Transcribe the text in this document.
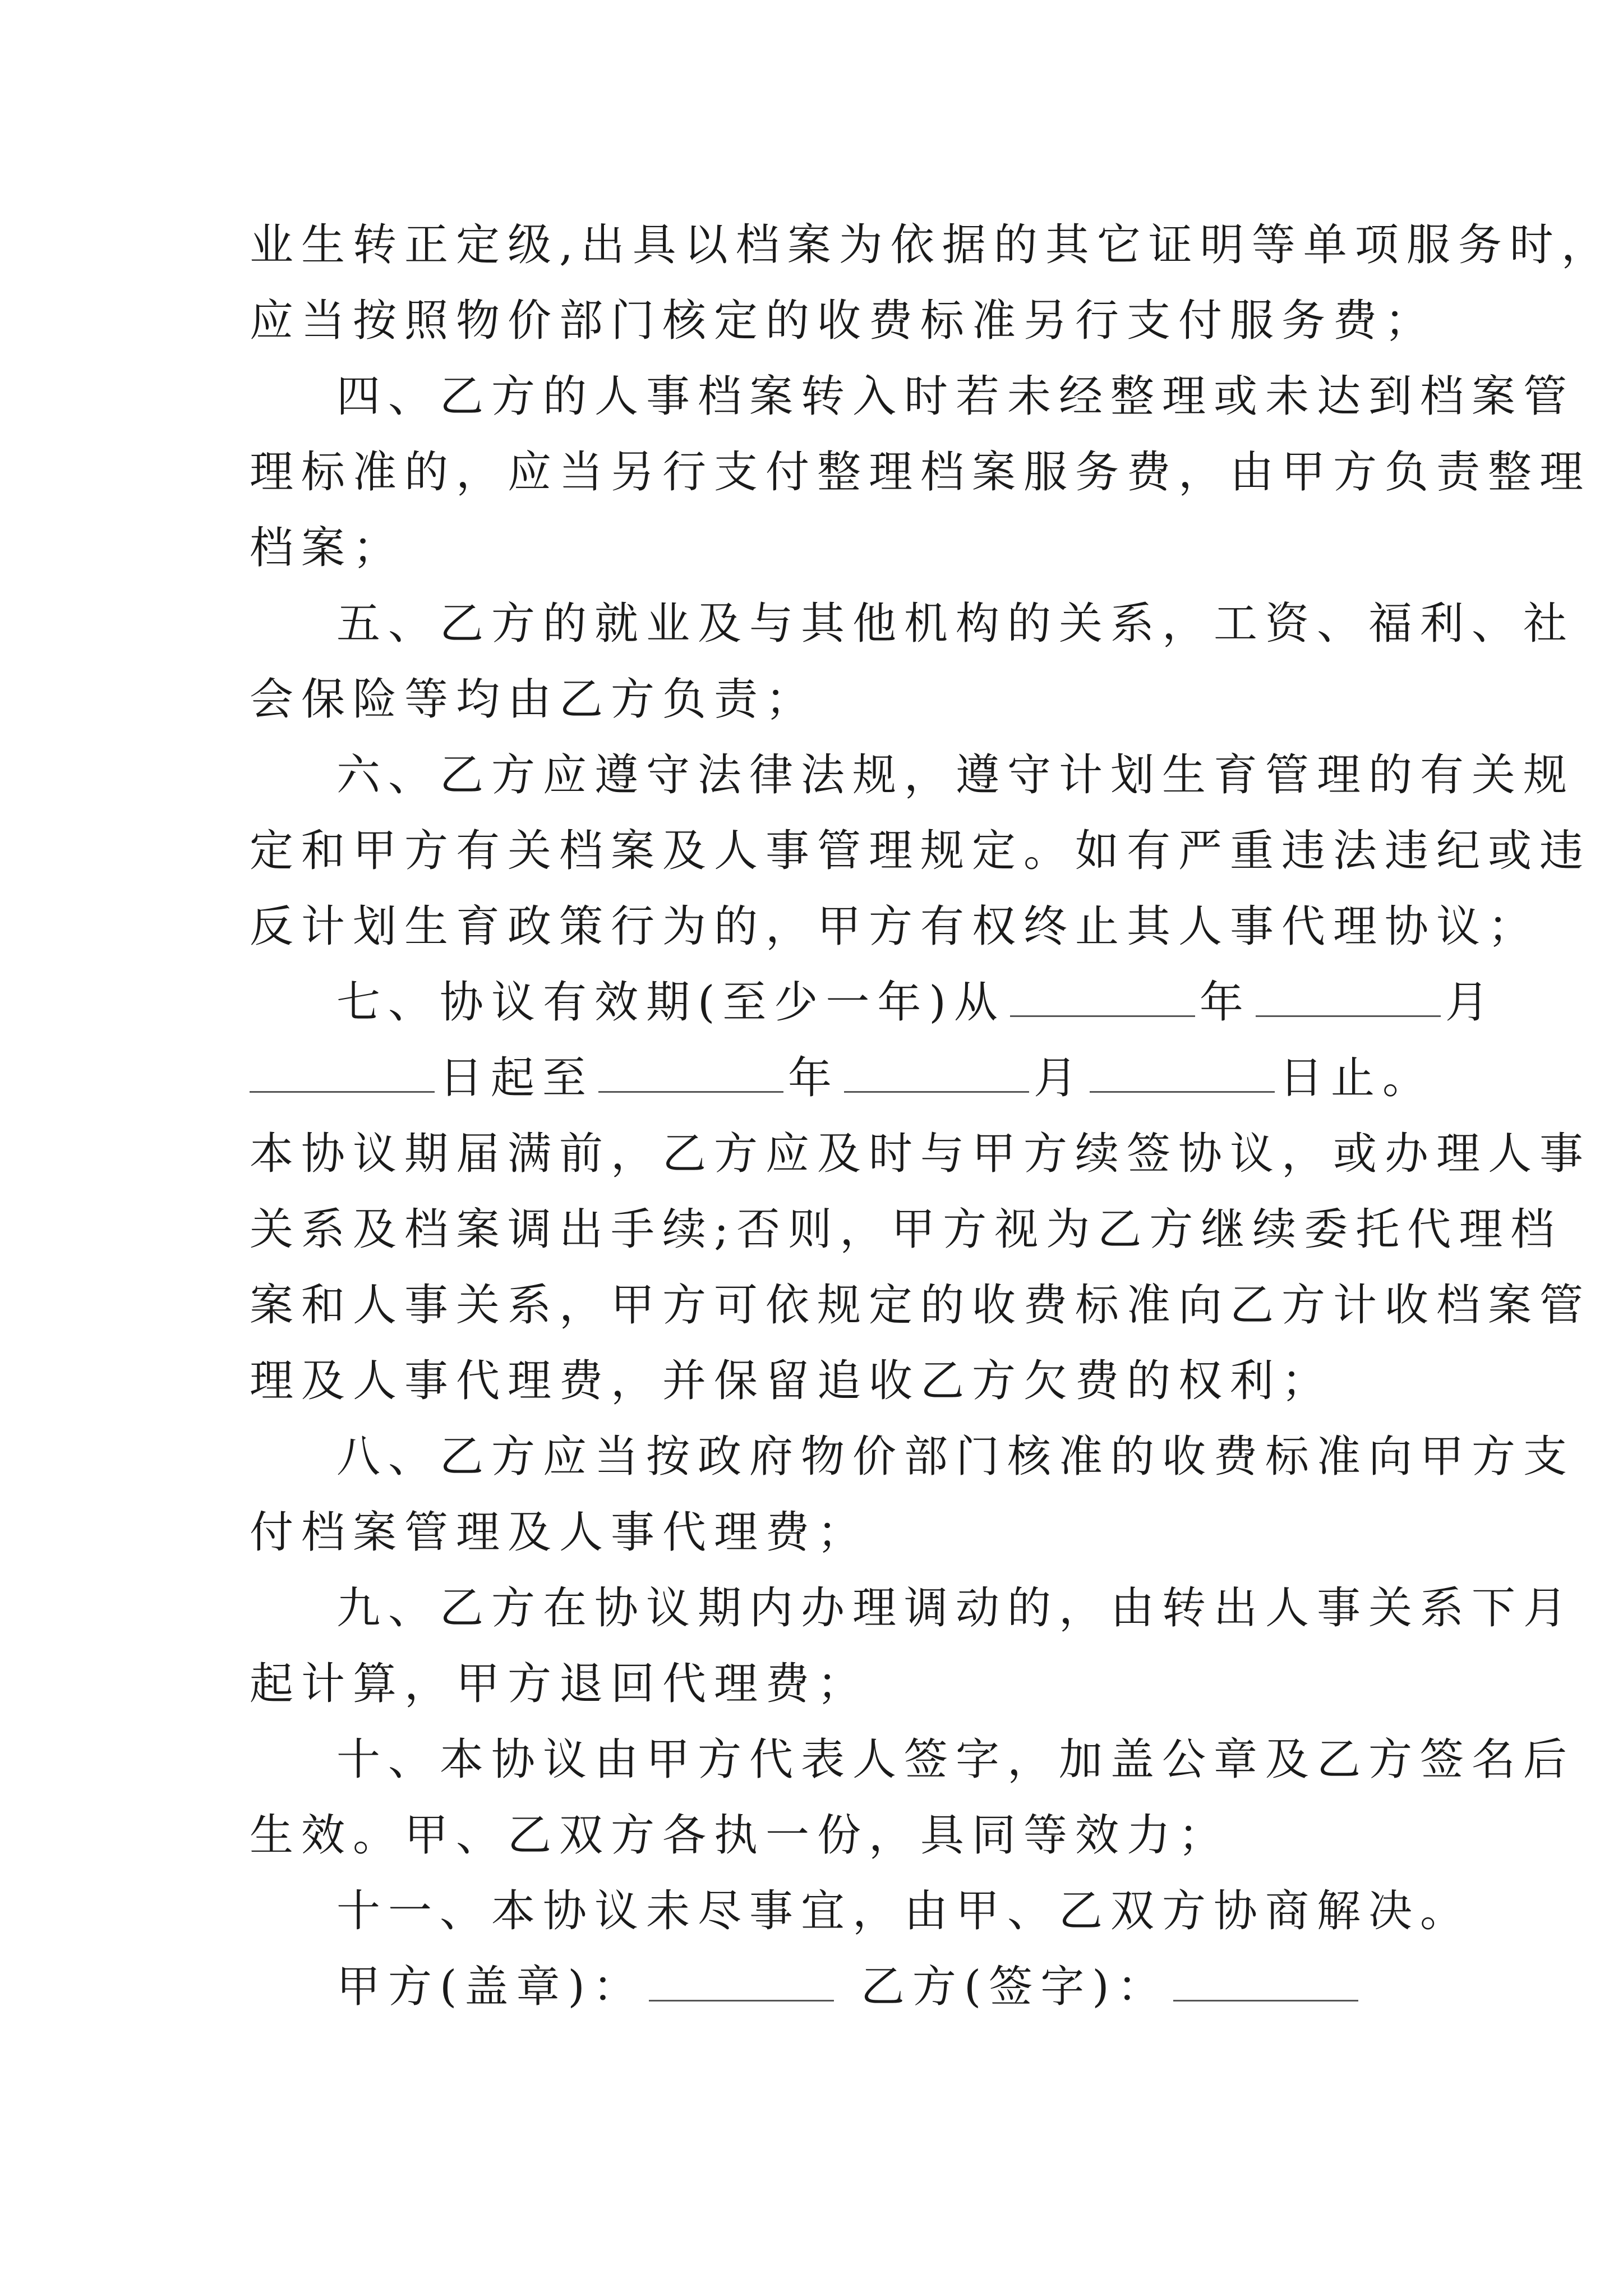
业生转正定级,出具以档案为依据的其它证明等单项服务时，
应当按照物价部门核定的收费标准另行支付服务费；
四、乙方的人事档案转入时若未经整理或未达到档案管
理标准的，应当另行支付整理档案服务费，由甲方负责整理
档案；
五、乙方的就业及与其他机构的关系，工资、福利、社
会保险等均由乙方负责；
六、乙方应遵守法律法规，遵守计划生育管理的有关规
定和甲方有关档案及人事管理规定。如有严重违法违纪或违
反计划生育政策行为的，甲方有权终止其人事代理协议；
七、协议有效期(至少一年)从	年	月
日起至	年	月	日止。
本协议期届满前，乙方应及时与甲方续签协议，或办理人事
关系及档案调出手续;否则，甲方视为乙方继续委托代理档
案和人事关系，甲方可依规定的收费标准向乙方计收档案管
理及人事代理费，并保留追收乙方欠费的权利；
八、乙方应当按政府物价部门核准的收费标准向甲方支
付档案管理及人事代理费；
九、乙方在协议期内办理调动的，由转出人事关系下月
起计算，甲方退回代理费；
十、本协议由甲方代表人签字，加盖公章及乙方签名后
生效。甲、乙双方各执一份，具同等效力；
十一、本协议未尽事宜，由甲、乙双方协商解决。
甲方(盖章)：	乙方(签字)：
